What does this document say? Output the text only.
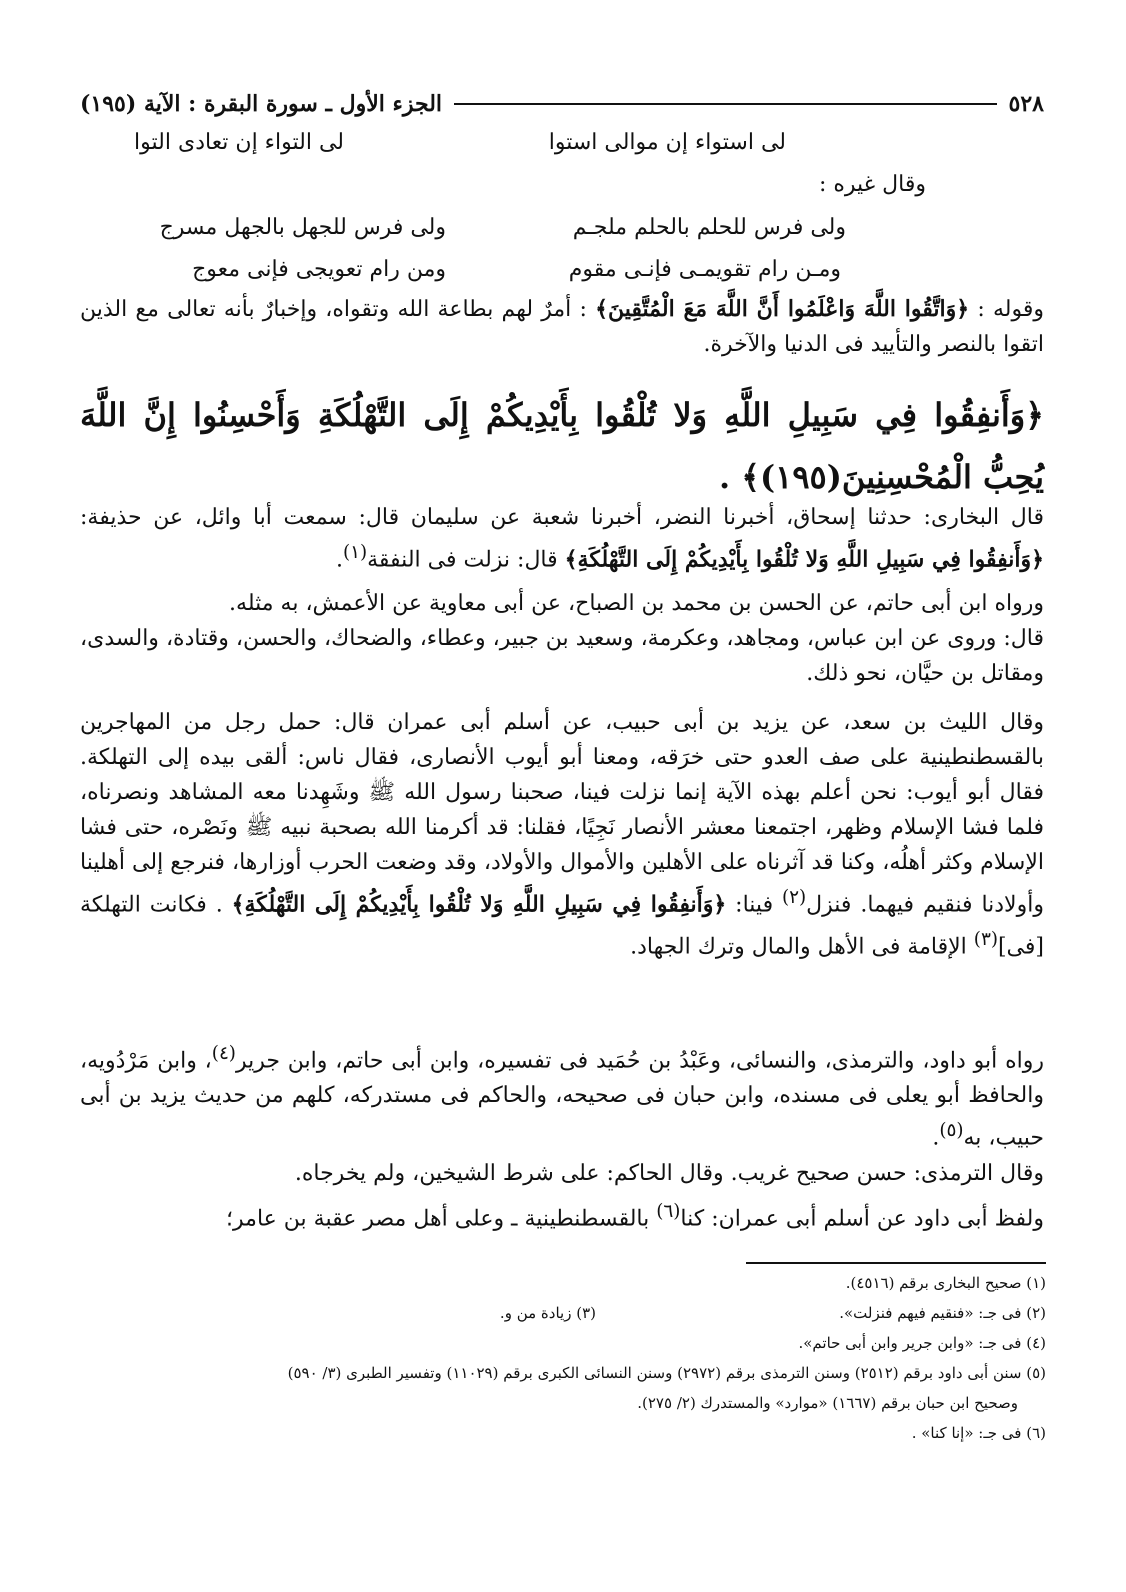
٥٢٨
الجزء الأول ـ سورة البقرة : الآية (١٩٥)
لى استواء إن موالى استوا
لى التواء إن تعادى التوا
وقال غيره :
ولى فرس للحلم بالحلم ملجـم
ولى فرس للجهل بالجهل مسرج
ومـن رام تقويمـى فإنـى مقوم
ومن رام تعويجى فإنى معوج
وقوله : ﴿وَاتَّقُوا اللَّهَ وَاعْلَمُوا أَنَّ اللَّهَ مَعَ الْمُتَّقِينَ﴾ : أمرٌ لهم بطاعة الله وتقواه، وإخبارٌ بأنه تعالى مع الذين اتقوا بالنصر والتأييد فى الدنيا والآخرة.
﴿وَأَنفِقُوا فِي سَبِيلِ اللَّهِ وَلا تُلْقُوا بِأَيْدِيكُمْ إِلَى التَّهْلُكَةِ وَأَحْسِنُوا إِنَّ اللَّهَ يُحِبُّ الْمُحْسِنِينَ(١٩٥)﴾ .
قال البخارى: حدثنا إسحاق، أخبرنا النضر، أخبرنا شعبة عن سليمان قال: سمعت أبا وائل، عن حذيفة: ﴿وَأَنفِقُوا فِي سَبِيلِ اللَّهِ وَلا تُلْقُوا بِأَيْدِيكُمْ إِلَى التَّهْلُكَةِ﴾ قال: نزلت فى النفقة$^{(١)}$.
ورواه ابن أبى حاتم، عن الحسن بن محمد بن الصباح، عن أبى معاوية عن الأعمش، به مثله.
قال: وروى عن ابن عباس، ومجاهد، وعكرمة، وسعيد بن جبير، وعطاء، والضحاك، والحسن، وقتادة، والسدى، ومقاتل بن حيَّان، نحو ذلك.
وقال الليث بن سعد، عن يزيد بن أبى حبيب، عن أسلم أبى عمران قال: حمل رجل من المهاجرين بالقسطنطينية على صف العدو حتى خرَقه، ومعنا أبو أيوب الأنصارى، فقال ناس: ألقى بيده إلى التهلكة. فقال أبو أيوب: نحن أعلم بهذه الآية إنما نزلت فينا، صحبنا رسول الله ﷺ وشَهِدنا معه المشاهد ونصرناه، فلما فشا الإسلام وظهر، اجتمعنا معشر الأنصار نَجِيًا، فقلنا: قد أكرمنا الله بصحبة نبيه ﷺ ونَصْره، حتى فشا الإسلام وكثر أهلُه، وكنا قد آثرناه على الأهلين والأموال والأولاد، وقد وضعت الحرب أوزارها، فنرجع إلى أهلينا وأولادنا فنقيم فيهما. فنزل$^{(٢)}$ فينا: ﴿وَأَنفِقُوا فِي سَبِيلِ اللَّهِ وَلا تُلْقُوا بِأَيْدِيكُمْ إِلَى التَّهْلُكَةِ﴾ . فكانت التهلكة [فى]$^{(٣)}$ الإقامة فى الأهل والمال وترك الجهاد.
رواه أبو داود، والترمذى، والنسائى، وعَبْدُ بن حُمَيد فى تفسيره، وابن أبى حاتم، وابن جرير$^{(٤)}$، وابن مَرْدُويه، والحافظ أبو يعلى فى مسنده، وابن حبان فى صحيحه، والحاكم فى مستدركه، كلهم من حديث يزيد بن أبى حبيب، به$^{(٥)}$.
وقال الترمذى: حسن صحيح غريب. وقال الحاكم: على شرط الشيخين، ولم يخرجاه.
ولفظ أبى داود عن أسلم أبى عمران: كنا$^{(٦)}$ بالقسطنطينية ـ وعلى أهل مصر عقبة بن عامر؛
(١) صحيح البخارى برقم (٤٥١٦).
(٢) فى جـ: «فنقيم فيهم فنزلت».
(٣) زيادة من و.
(٤) فى جـ: «وابن جرير وابن أبى حاتم».
(٥) سنن أبى داود برقم (٢٥١٢) وسنن الترمذى برقم (٢٩٧٢) وسنن النسائى الكبرى برقم (١١٠٢٩) وتفسير الطبرى (٣/ ٥٩٠)
وصحيح ابن حبان برقم (١٦٦٧) «موارد» والمستدرك (٢/ ٢٧٥).
(٦) فى جـ: «إنا كنا» .
